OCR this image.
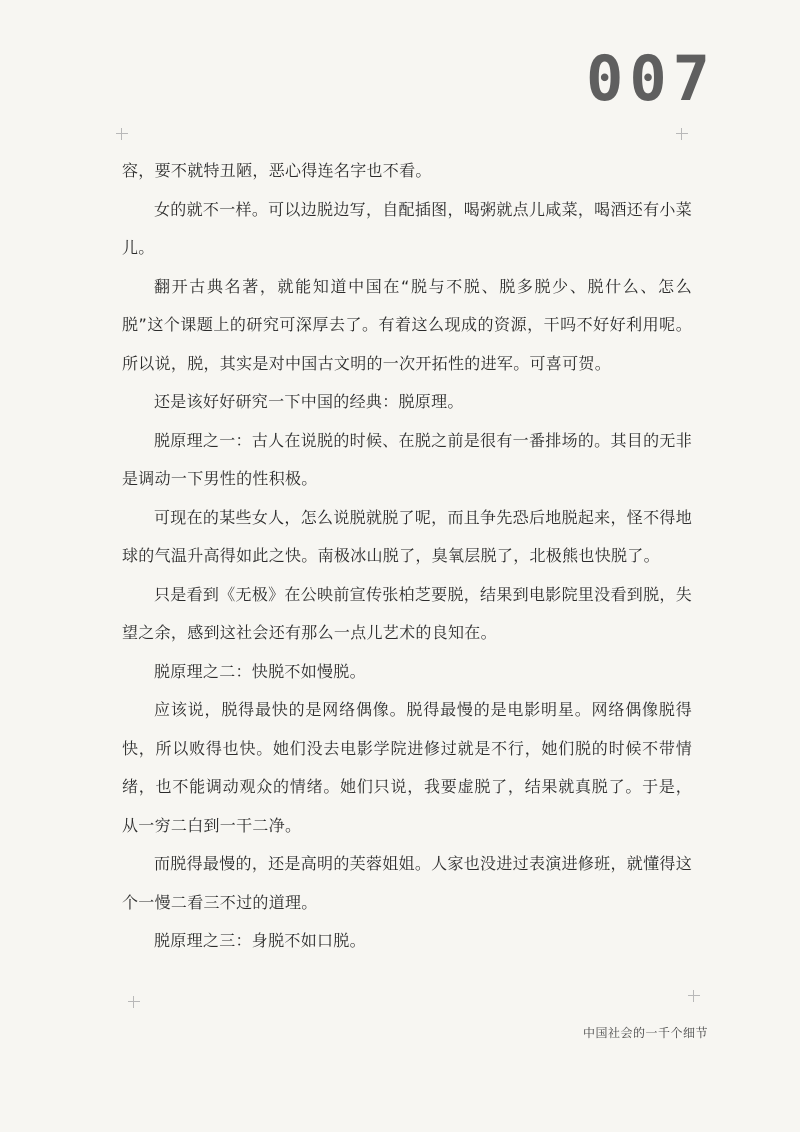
007

容，要不就特丑陋，恶心得连名字也不看。

女的就不一样。可以边脱边写，自配插图，喝粥就点儿咸菜，喝酒还有小菜儿。

翻开古典名著，就能知道中国在“脱与不脱、脱多脱少、脱什么、怎么脱”这个课题上的研究可深厚去了。有着这么现成的资源，干吗不好好利用呢。所以说，脱，其实是对中国古文明的一次开拓性的进军。可喜可贺。

还是该好好研究一下中国的经典：脱原理。

脱原理之一：古人在说脱的时候、在脱之前是很有一番排场的。其目的无非是调动一下男性的性积极。

可现在的某些女人，怎么说脱就脱了呢，而且争先恐后地脱起来，怪不得地球的气温升高得如此之快。南极冰山脱了，臭氧层脱了，北极熊也快脱了。

只是看到《无极》在公映前宣传张柏芝要脱，结果到电影院里没看到脱，失望之余，感到这社会还有那么一点儿艺术的良知在。

脱原理之二：快脱不如慢脱。

应该说，脱得最快的是网络偶像。脱得最慢的是电影明星。网络偶像脱得快，所以败得也快。她们没去电影学院进修过就是不行，她们脱的时候不带情绪，也不能调动观众的情绪。她们只说，我要虚脱了，结果就真脱了。于是，从一穷二白到一干二净。

而脱得最慢的，还是高明的芙蓉姐姐。人家也没进过表演进修班，就懂得这个一慢二看三不过的道理。

脱原理之三：身脱不如口脱。

中国社会的一千个细节
